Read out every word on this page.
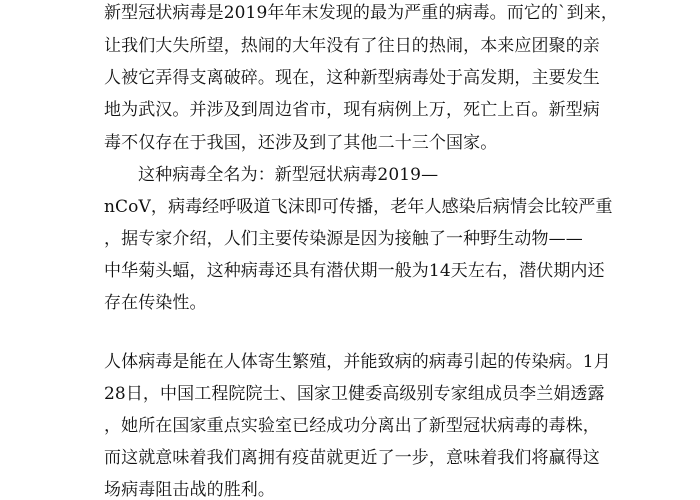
新型冠状病毒是2019年年末发现的最为严重的病毒。而它的`到来，
让我们大失所望，热闹的大年没有了往日的热闹，本来应团聚的亲
人被它弄得支离破碎。现在，这种新型病毒处于高发期，主要发生
地为武汉。并涉及到周边省市，现有病例上万，死亡上百。新型病
毒不仅存在于我国，还涉及到了其他二十三个国家。
这种病毒全名为：新型冠状病毒2019—
nCoV，病毒经呼吸道飞沫即可传播，老年人感染后病情会比较严重
，据专家介绍，人们主要传染源是因为接触了一种野生动物——
中华菊头蝠，这种病毒还具有潜伏期一般为14天左右，潜伏期内还
存在传染性。
人体病毒是能在人体寄生繁殖，并能致病的病毒引起的传染病。1月
28日，中国工程院院士、国家卫健委高级别专家组成员李兰娟透露
，她所在国家重点实验室已经成功分离出了新型冠状病毒的毒株，
而这就意味着我们离拥有疫苗就更近了一步，意味着我们将赢得这
场病毒阻击战的胜利。
